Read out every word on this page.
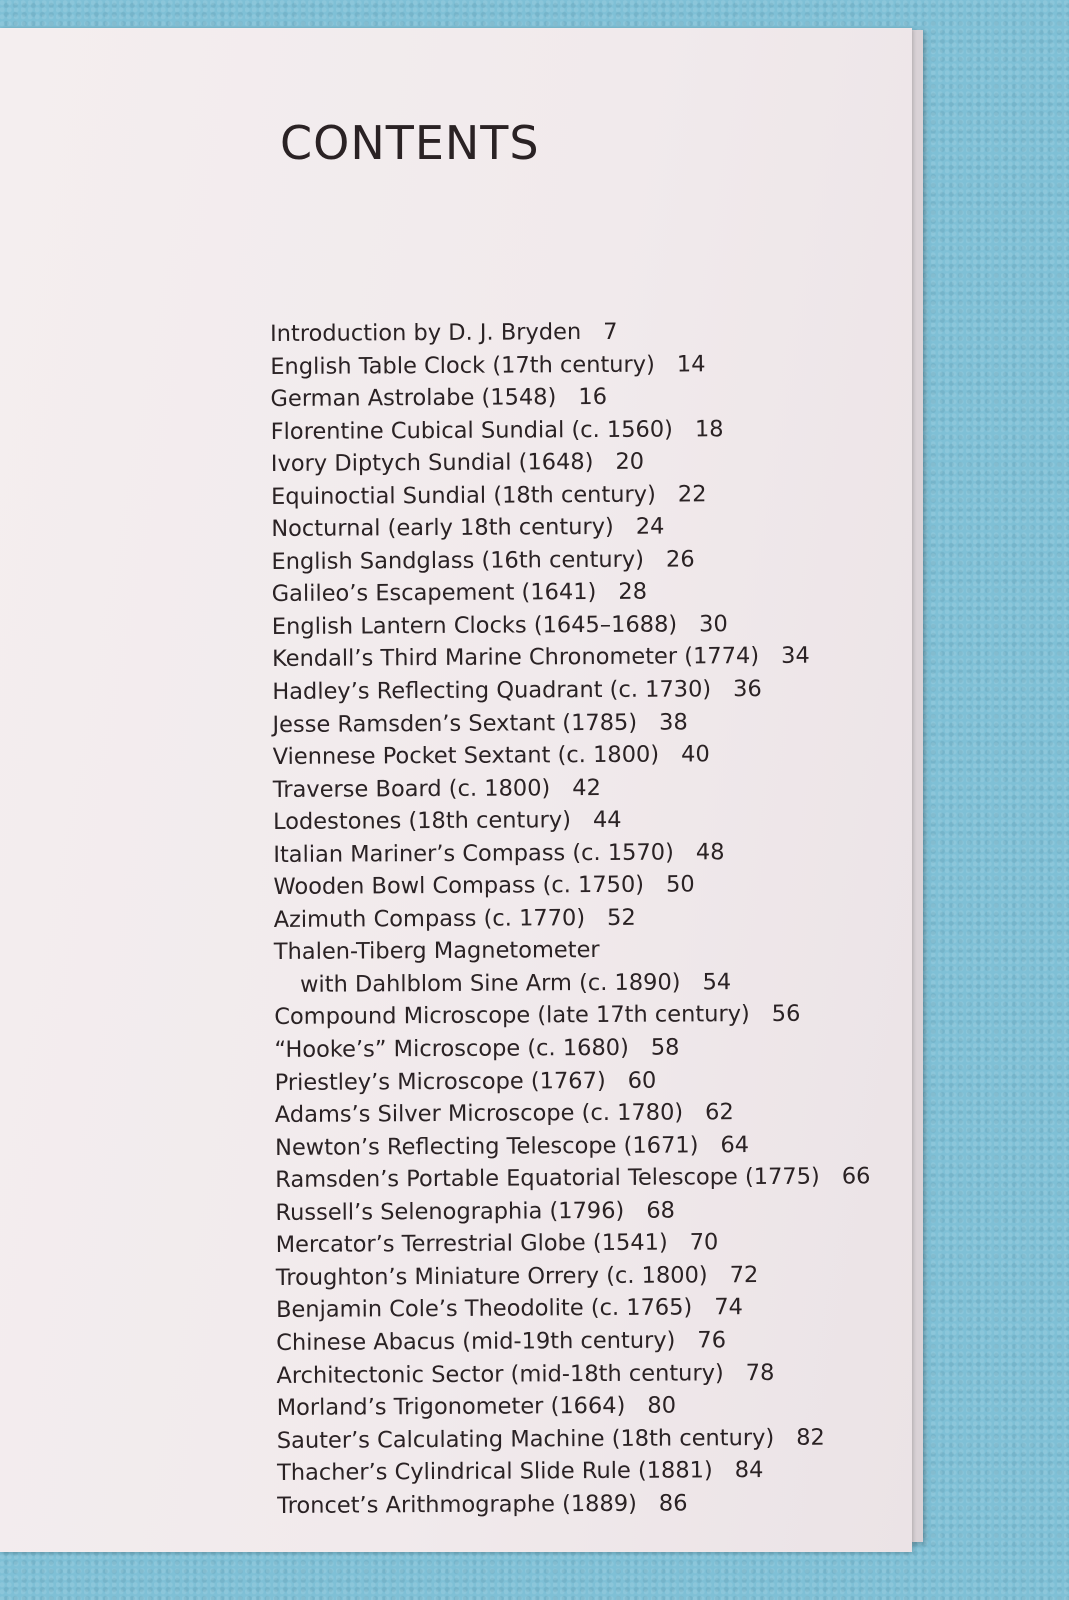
CONTENTS
Introduction by D. J. Bryden 7
English Table Clock (17th century) 14
German Astrolabe (1548) 16
Florentine Cubical Sundial (c. 1560) 18
Ivory Diptych Sundial (1648) 20
Equinoctial Sundial (18th century) 22
Nocturnal (early 18th century) 24
English Sandglass (16th century) 26
Galileo’s Escapement (1641) 28
English Lantern Clocks (1645–1688) 30
Kendall’s Third Marine Chronometer (1774) 34
Hadley’s Reflecting Quadrant (c. 1730) 36
Jesse Ramsden’s Sextant (1785) 38
Viennese Pocket Sextant (c. 1800) 40
Traverse Board (c. 1800) 42
Lodestones (18th century) 44
Italian Mariner’s Compass (c. 1570) 48
Wooden Bowl Compass (c. 1750) 50
Azimuth Compass (c. 1770) 52
Thalen-Tiberg Magnetometer
with Dahlblom Sine Arm (c. 1890) 54
Compound Microscope (late 17th century) 56
“Hooke’s” Microscope (c. 1680) 58
Priestley’s Microscope (1767) 60
Adams’s Silver Microscope (c. 1780) 62
Newton’s Reflecting Telescope (1671) 64
Ramsden’s Portable Equatorial Telescope (1775) 66
Russell’s Selenographia (1796) 68
Mercator’s Terrestrial Globe (1541) 70
Troughton’s Miniature Orrery (c. 1800) 72
Benjamin Cole’s Theodolite (c. 1765) 74
Chinese Abacus (mid-19th century) 76
Architectonic Sector (mid-18th century) 78
Morland’s Trigonometer (1664) 80
Sauter’s Calculating Machine (18th century) 82
Thacher’s Cylindrical Slide Rule (1881) 84
Troncet’s Arithmographe (1889) 86
